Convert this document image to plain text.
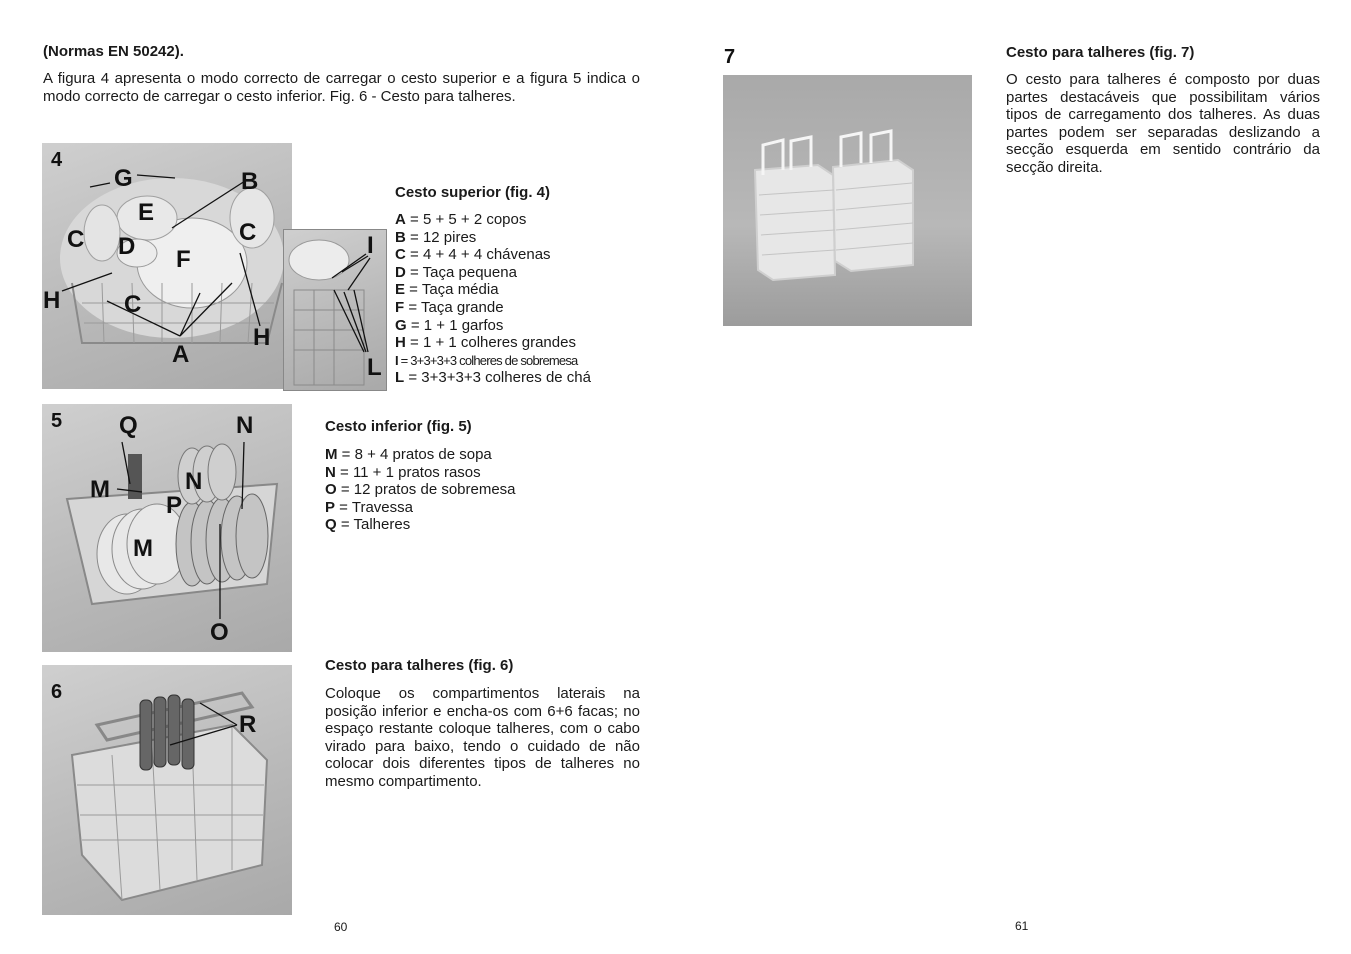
(Normas EN 50242).
A figura 4 apresenta o modo correcto de carregar o cesto superior e a figura 5 indica o modo correcto de carregar o cesto inferior. Fig. 6 - Cesto para talheres.
4
G	B
E
C D
C
F
H	C
H
A
I
L
Cesto superior (fig. 4)
A = 5 + 5 + 2 copos
B = 12 pires
C = 4 + 4 + 4 chávenas
D = Taça pequena
E = Taça média
F = Taça grande
G = 1 + 1 garfos
H = 1 + 1 colheres grandes
I = 3+3+3+3 colheres de sobremesa
L = 3+3+3+3 colheres de chá
5 Q	N
M	N
P
M
O
Cesto inferior (fig. 5)
M = 8 + 4 pratos de sopa
N = 11 + 1 pratos rasos
O = 12 pratos de sobremesa
P = Travessa
Q = Talheres
6
R
Cesto para talheres (fig. 6)
Coloque os compartimentos laterais na posição inferior e encha-os com 6+6 facas; no espaço restante coloque talheres, com o cabo virado para baixo, tendo o cuidado de não colocar dois diferentes tipos de talheres no mesmo compartimento.
60
7	Cesto para talheres (fig. 7)
O cesto para talheres é composto por duas partes destacáveis que possibilitam vários tipos de carregamento dos talheres. As duas partes podem ser separadas deslizando a secção esquerda em sentido contrário da secção direita.
61
